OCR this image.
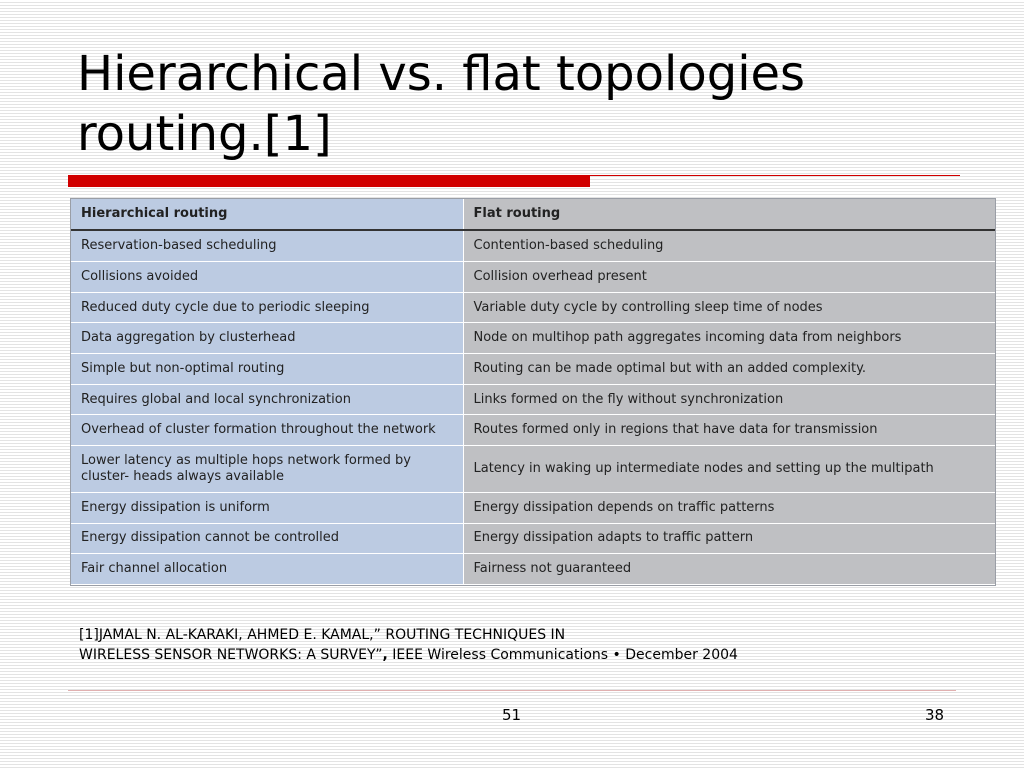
Hierarchical vs. flat topologies routing.[1]
Hierarchical routing	Flat routing
Reservation-based scheduling	Contention-based scheduling
Collisions avoided	Collision overhead present
Reduced duty cycle due to periodic sleeping	Variable duty cycle by controlling sleep time of nodes
Data aggregation by clusterhead	Node on multihop path aggregates incoming data from neighbors
Simple but non-optimal routing	Routing can be made optimal but with an added complexity.
Requires global and local synchronization	Links formed on the fly without synchronization
Overhead of cluster formation throughout the network	Routes formed only in regions that have data for transmission
Lower latency as multiple hops network formed by cluster- heads always available	Latency in waking up intermediate nodes and setting up the multipath
Energy dissipation is uniform	Energy dissipation depends on traffic patterns
Energy dissipation cannot be controlled	Energy dissipation adapts to traffic pattern
Fair channel allocation	Fairness not guaranteed
[1]JAMAL N. AL-KARAKI, AHMED E. KAMAL,” ROUTING TECHNIQUES IN
WIRELESS SENSOR NETWORKS: A SURVEY”, IEEE Wireless Communications • December 2004
51	38
